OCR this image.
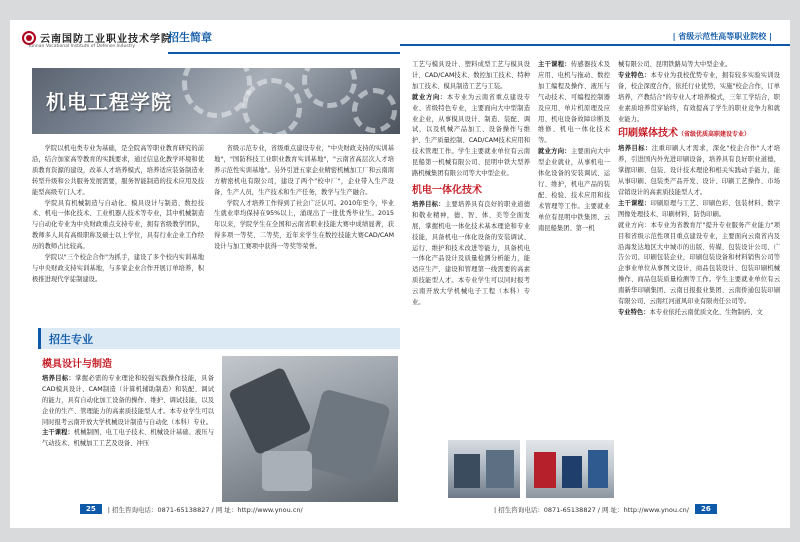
云南国防工业职业技术学院
Yunnan Vocational Institute of Defense Industry
招生简章
机电工程学院

学院以机电类专业为基础，是全院高等职业教育研究的前沿，结合加家高等教育的实践要求，通过信息化教学环境和优质教育资源的建设，改革人才培养模式，培养适应装备制造业转型升级和公共服务发展需要，服务智能制造的技术应用及技能型高级专门人才。

学院具有机械制造与自动化、模具设计与制造、数控技术、机电一体化技术、工业机器人技术等专业，其中机械制造与自动化专业为中央财政重点支持专业，拥有省级教学团队，教师多人具有高级职称及硕士以上学位，具有行业企业工作经历的教师占比较高。

学院以"三个校企合作"为抓手，建设了多个校内实训基地与中央财政支持实训基地，与多家企业合作开展订单培养，积极推进现代学徒制建设。

省级示范专业，省级重点建设专业，"中央财政支持的实训基地"，"国防科技工业职业教育实训基地"，"云南省高层次人才培养示范性实训基地"。另外引进五家企业精密机械加工厂和云南南方精密机电有限公司，建设了两个"校中厂"，企业带入生产设备，生产人员，生产技术和生产任务，教学与生产融合。

学院人才培养工作得到了社会广泛认可。2010年至今，毕业生就业率均保持在95%以上，涌现出了一批优秀毕业生。2015年以来，学院学生在全国和云南省职业技能大赛中成绩显著，获得多项一等奖、二等奖，近年来学生在数控技能大赛CAD/CAM设计与加工赛项中获得一等奖等荣誉。

招生专业
模具设计与制造

培养目标：掌握必需的专业理论和较强实践操作技能，具备CAD模具设计、CAM制造（计算机辅助制造）和装配、调试的能力，具有自动化加工设备的操作、维护、调试技能，以及企业的生产、管理能力的高素质技能型人才。本专业学生可以同时报考云南开放大学机械设计制造与自动化（本科）专业。

主干课程：机械制图、电工电子技术、机械设计基础、液压与气动技术、机械加工工艺及设备、冲压

25	| 招生咨询电话：0871-65138827 / 网 址：http://www.ynou.cn/
| 省级示范性高等职业院校 |

工艺与模具设计、塑料成型工艺与模具设计、CAD/CAM技术、数控加工技术、特种加工技术、模具制造工艺与工装。

就业方向：本专业为云南省重点建设专业、省级特色专业，主要面向大中型制造业企业，从事模具设计、制造、装配、调试，以及机械产品加工、设备操作与维护、生产质量控制、CAD/CAM技术应用和技术管理工作。学生主要就业单位有云南昆船第一机械有限公司、昆明中铁大型养路机械集团有限公司等大中型企业。

机电一体化技术

培养目标：主要培养具有良好的职业道德和敬业精神，德、智、体、美等全面发展，掌握机电一体化技术基本理论和专业技能，具备机电一体化设备的安装调试、运行、维护和技术改进等能力，具备机电一体化产品设计及质量检测分析能力，能适应生产、建设和管理第一线需要的高素质技能型人才。本专业学生可以同时报考云南开放大学机械电子工程（本科）专业。

主干课程：传感器技术及应用、电机与拖动、数控加工编程及操作、液压与气动技术、可编程控制器及应用、单片机原理及应用、机电设备故障诊断及维修、机电一体化技术等。

就业方向：主要面向大中型企业就业，从事机电一体化设备的安装调试、运行、维护，机电产品的装配、检验、技术应用和技术管理等工作。主要就业单位有昆明中铁集团、云南昆船集团、第一机

械有限公司、昆明铁路局等大中型企业。

专业特色：本专业为我校优势专业，拥有较多实验实训设备，校企深度合作，依托行业优势，实施"校企合作，订单培养，产教结合"的专业人才培养模式，三年工学结合，职业素质培养贯穿始终，有效提高了学生的职业竞争力和就业能力。

印刷媒体技术（省级优质高职建设专业）

培养目标：注重印刷人才需求，深化"校企合作"人才培养，引进国内外先进印刷设备，培养具有良好职业道德，掌握印刷、包装、设计技术理论和相关实践动手能力，能从事印刷、包装类产品开发、设计、印刷工艺操作、市场营销设计的高素质技能型人才。

主干课程：印刷原理与工艺、印刷色彩、包装材料、数字图像处理技术、印刷材料、防伪印刷。

就业方向：本专业为省教育厅"提升专业服务产业能力"项目和省级示范性项目重点建设专业，主要面向云南省内及沿海发达地区大中城市的出版、传媒、包装设计公司、广告公司、印刷包装企业，印刷包装设备和材料销售公司等企事业单位从事图文设计、商品包装设计、包装印刷机械操作、商品包装质量检测等工作。学生主要就业单位有云南新华印刷集团、云南日报报业集团、云南侨通包装印刷有限公司、云南红河道风印业有限责任公司等。

专业特色：本专业依托云南优质文化、生物制药、文

| 招生咨询电话：0871-65138827 / 网 址：http://www.ynou.cn/	26
